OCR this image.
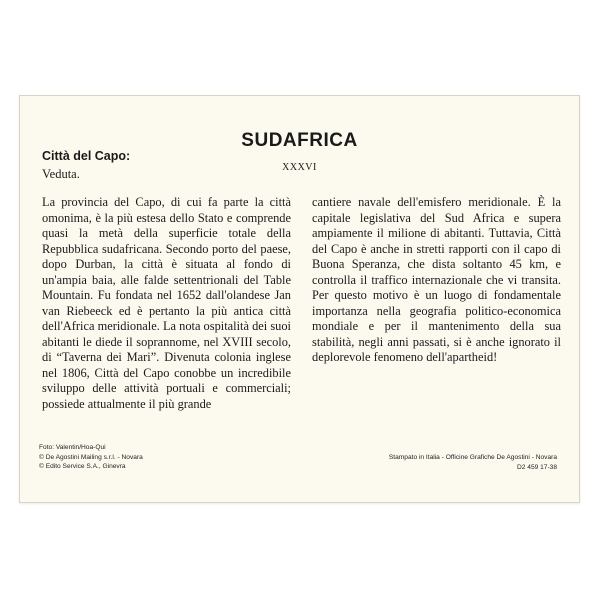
SUDAFRICA
XXXVI
Città del Capo:
Veduta.

La provincia del Capo, di cui fa parte la città omonima, è la più estesa dello Stato e comprende quasi la metà della superficie totale della Repubblica sudafricana. Secondo porto del paese, dopo Durban, la città è situata al fondo di un'ampia baia, alle falde settentrionali del Table Mountain. Fu fondata nel 1652 dall'olandese Jan van Riebeeck ed è pertanto la più antica città dell'Africa meridionale. La nota ospitalità dei suoi abitanti le diede il soprannome, nel XVIII secolo, di “Taverna dei Mari”. Divenuta colonia inglese nel 1806, Città del Capo conobbe un incredibile sviluppo delle attività portuali e commerciali; possiede attualmente il più grande

cantiere navale dell'emisfero meridionale. È la capitale legislativa del Sud Africa e supera ampiamente il milione di abitanti. Tuttavia, Città del Capo è anche in stretti rapporti con il capo di Buona Speranza, che dista soltanto 45 km, e controlla il traffico internazionale che vi transita. Per questo motivo è un luogo di fondamentale importanza nella geografia politico-economica mondiale e per il mantenimento della sua stabilità, negli anni passati, si è anche ignorato il deplorevole fenomeno dell'apartheid!

Foto: Valentin/Hoa-Qui
© De Agostini Mailing s.r.l. - Novara
© Edito Service S.A., Ginevra
Stampato in Italia - Officine Grafiche De Agostini - Novara
D2 459 17-38
